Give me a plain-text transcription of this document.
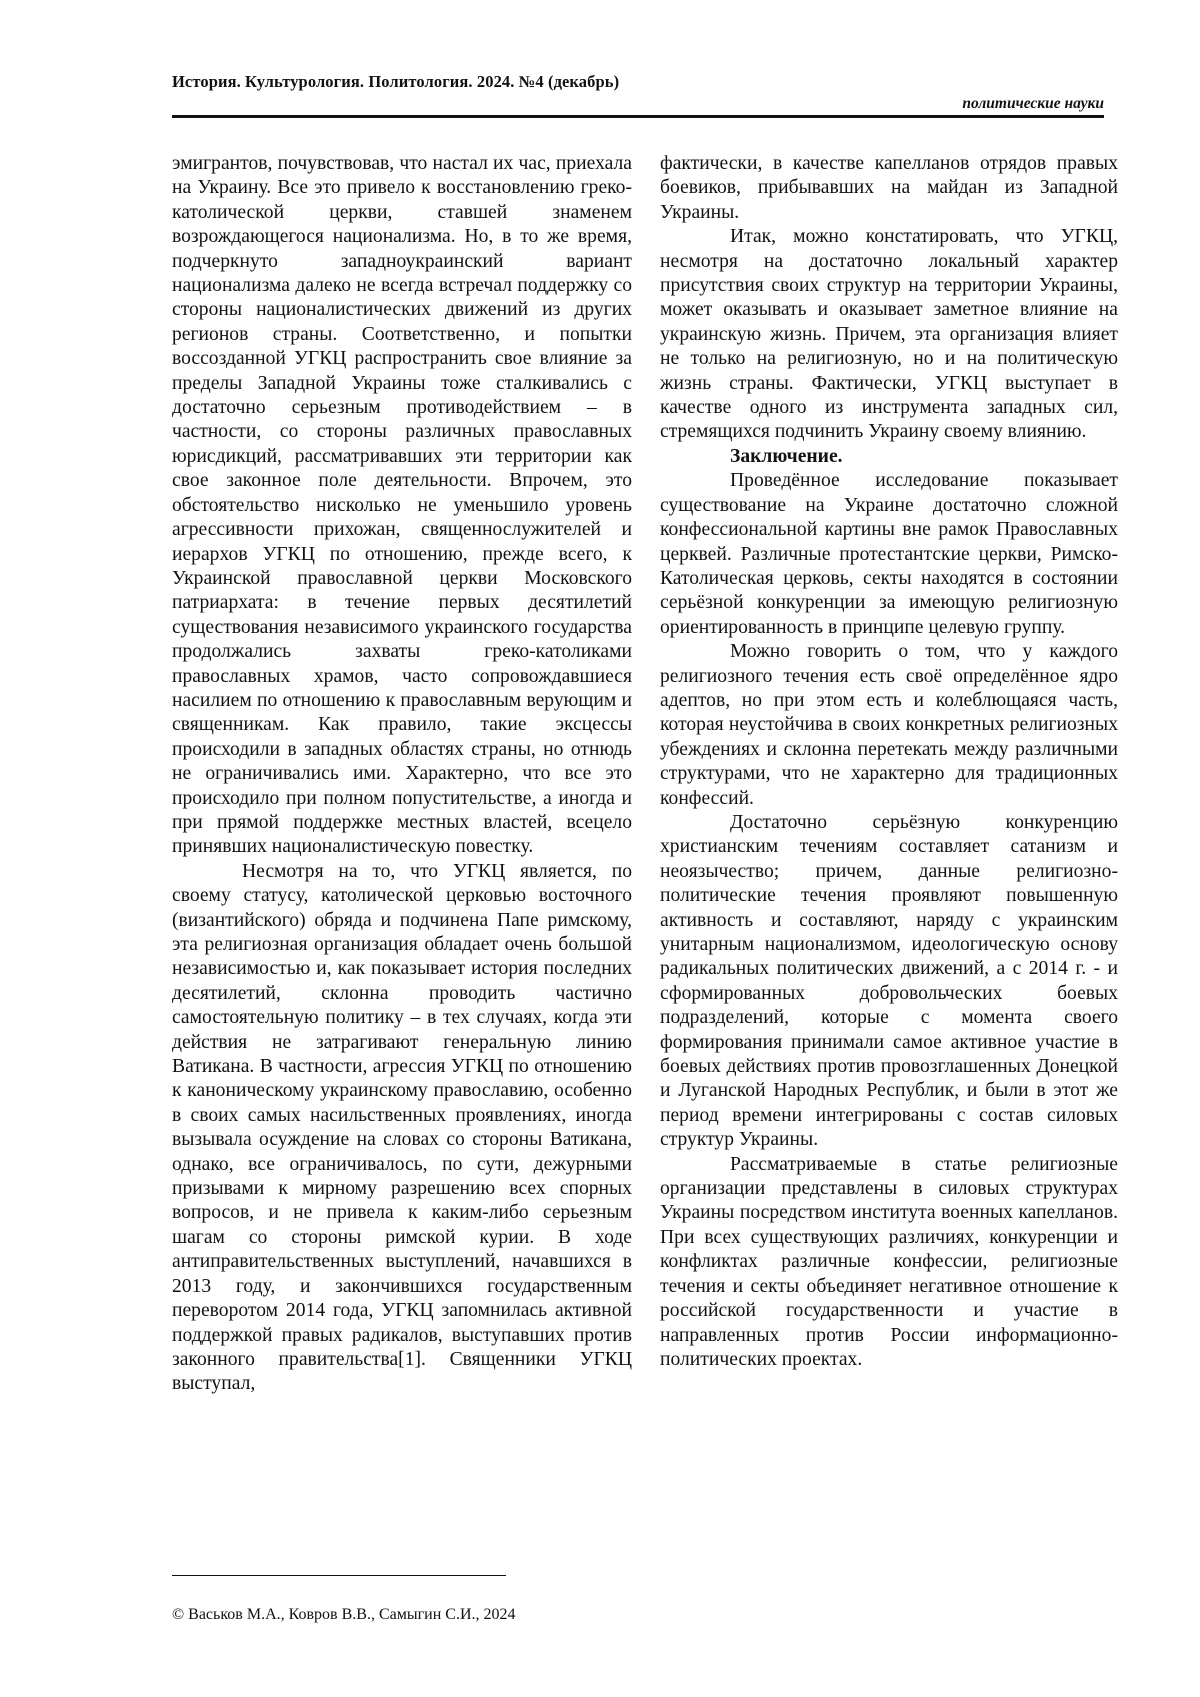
История. Культурология. Политология. 2024. №4 (декабрь)
политические науки

эмигрантов, почувствовав, что настал их час, приехала на Украину. Все это привело к восстановлению греко-католической церкви, ставшей знаменем возрождающегося национализма. Но, в то же время, подчеркнуто западноукраинский вариант национализма далеко не всегда встречал поддержку со стороны националистических движений из других регионов страны. Соответственно, и попытки воссозданной УГКЦ распространить свое влияние за пределы Западной Украины тоже сталкивались с достаточно серьезным противодействием – в частности, со стороны различных православных юрисдикций, рассматривавших эти территории как свое законное поле деятельности. Впрочем, это обстоятельство нисколько не уменьшило уровень агрессивности прихожан, священнослужителей и иерархов УГКЦ по отношению, прежде всего, к Украинской православной церкви Московского патриархата: в течение первых десятилетий существования независимого украинского государства продолжались захваты греко-католиками православных храмов, часто сопровождавшиеся насилием по отношению к православным верующим и священникам. Как правило, такие эксцессы происходили в западных областях страны, но отнюдь не ограничивались ими. Характерно, что все это происходило при полном попустительстве, а иногда и при прямой поддержке местных властей, всецело принявших националистическую повестку.

Несмотря на то, что УГКЦ является, по своему статусу, католической церковью восточного (византийского) обряда и подчинена Папе римскому, эта религиозная организация обладает очень большой независимостью и, как показывает история последних десятилетий, склонна проводить частично самостоятельную политику – в тех случаях, когда эти действия не затрагивают генеральную линию Ватикана. В частности, агрессия УГКЦ по отношению к каноническому украинскому православию, особенно в своих самых насильственных проявлениях, иногда вызывала осуждение на словах со стороны Ватикана, однако, все ограничивалось, по сути, дежурными призывами к мирному разрешению всех спорных вопросов, и не привела к каким-либо серьезным шагам со стороны римской курии. В ходе антиправительственных выступлений, начавшихся в 2013 году, и закончившихся государственным переворотом 2014 года, УГКЦ запомнилась активной поддержкой правых радикалов, выступавших против законного правительства[1]. Священники УГКЦ выступал,

фактически, в качестве капелланов отрядов правых боевиков, прибывавших на майдан из Западной Украины.

Итак, можно констатировать, что УГКЦ, несмотря на достаточно локальный характер присутствия своих структур на территории Украины, может оказывать и оказывает заметное влияние на украинскую жизнь. Причем, эта организация влияет не только на религиозную, но и на политическую жизнь страны. Фактически, УГКЦ выступает в качестве одного из инструмента западных сил, стремящихся подчинить Украину своему влиянию.

Заключение.

Проведённое исследование показывает существование на Украине достаточно сложной конфессиональной картины вне рамок Православных церквей. Различные протестантские церкви, Римско-Католическая церковь, секты находятся в состоянии серьёзной конкуренции за имеющую религиозную ориентированность в принципе целевую группу.

Можно говорить о том, что у каждого религиозного течения есть своё определённое ядро адептов, но при этом есть и колеблющаяся часть, которая неустойчива в своих конкретных религиозных убеждениях и склонна перетекать между различными структурами, что не характерно для традиционных конфессий.

Достаточно серьёзную конкуренцию христианским течениям составляет сатанизм и неоязычество; причем, данные религиозно-политические течения проявляют повышенную активность и составляют, наряду с украинским унитарным национализмом, идеологическую основу радикальных политических движений, а с 2014 г. - и сформированных добровольческих боевых подразделений, которые с момента своего формирования принимали самое активное участие в боевых действиях против провозглашенных Донецкой и Луганской Народных Республик, и были в этот же период времени интегрированы с состав силовых структур Украины.

Рассматриваемые в статье религиозные организации представлены в силовых структурах Украины посредством института военных капелланов. При всех существующих различиях, конкуренции и конфликтах различные конфессии, религиозные течения и секты объединяет негативное отношение к российской государственности и участие в направленных против России информационно-политических проектах.

© Васьков М.А., Ковров В.В., Самыгин С.И., 2024
